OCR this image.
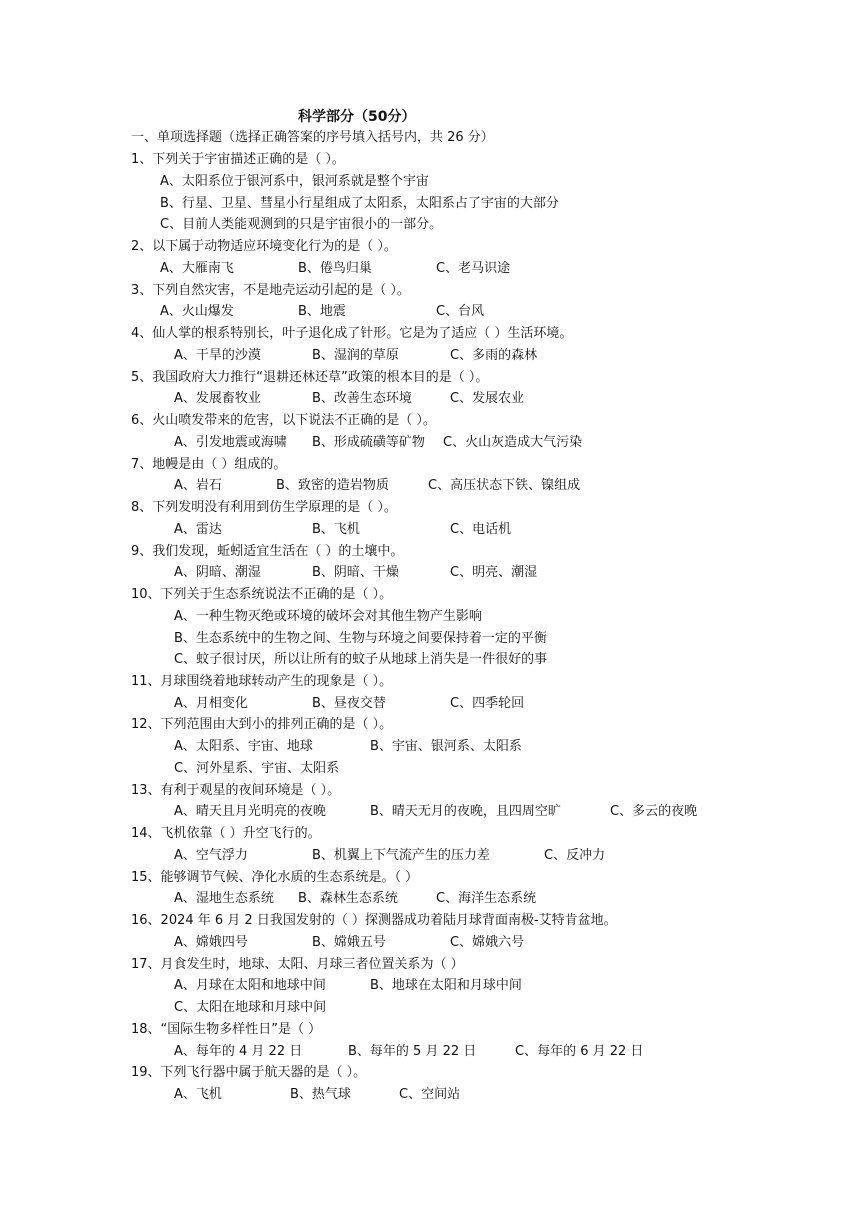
科学部分（50分）
一、单项选择题（选择正确答案的序号填入括号内，共 26 分）
1、下列关于宇宙描述正确的是（ ）。
A、太阳系位于银河系中，银河系就是整个宇宙
B、行星、卫星、彗星小行星组成了太阳系，太阳系占了宇宙的大部分
C、目前人类能观测到的只是宇宙很小的一部分。
2、以下属于动物适应环境变化行为的是（ ）。
A、大雁南飞	B、倦鸟归巢	C、老马识途
3、下列自然灾害，不是地壳运动引起的是（ ）。
A、火山爆发	B、地震	C、台风
4、仙人掌的根系特别长，叶子退化成了针形。它是为了适应（ ）生活环境。
A、干旱的沙漠	B、湿润的草原	C、多雨的森林
5、我国政府大力推行“退耕还林还草”政策的根本目的是（ ）。
A、发展畜牧业	B、改善生态环境	C、发展农业
6、火山喷发带来的危害，以下说法不正确的是（ ）。
A、引发地震或海啸 B、形成硫磺等矿物 C、火山灰造成大气污染
7、地幔是由（ ）组成的。
A、岩石	B、致密的造岩物质	C、高压状态下铁、镍组成
8、下列发明没有利用到仿生学原理的是（ ）。
A、雷达	B、飞机	C、电话机
9、我们发现，蚯蚓适宜生活在（ ）的土壤中。
A、阴暗、潮湿	B、阴暗、干燥	C、明亮、潮湿
10、下列关于生态系统说法不正确的是（ ）。
A、一种生物灭绝或环境的破坏会对其他生物产生影响
B、生态系统中的生物之间、生物与环境之间要保持着一定的平衡
C、蚊子很讨厌，所以让所有的蚊子从地球上消失是一件很好的事
11、月球围绕着地球转动产生的现象是（ ）。
A、月相变化	B、昼夜交替	C、四季轮回
12、下列范围由大到小的排列正确的是（ ）。
A、太阳系、宇宙、地球	B、宇宙、银河系、太阳系
C、河外星系、宇宙、太阳系
13、有利于观星的夜间环境是（ ）。
A、晴天且月光明亮的夜晚	B、晴天无月的夜晚，且四周空旷	C、多云的夜晚
14、飞机依靠（ ）升空飞行的。
A、空气浮力	B、机翼上下气流产生的压力差	C、反冲力
15、能够调节气候、净化水质的生态系统是。（ ）
A、湿地生态系统 B、森林生态系统	C、海洋生态系统
16、2024 年 6 月 2 日我国发射的（ ）探测器成功着陆月球背面南极-艾特肯盆地。
A、嫦娥四号	B、嫦娥五号	C、嫦娥六号
17、月食发生时，地球、太阳、月球三者位置关系为（ ）
A、月球在太阳和地球中间	B、地球在太阳和月球中间
C、太阳在地球和月球中间
18、“国际生物多样性日”是（ ）
A、每年的 4 月 22 日	B、每年的 5 月 22 日	C、每年的 6 月 22 日
19、下列飞行器中属于航天器的是（ ）。
A、飞机	B、热气球	C、空间站
